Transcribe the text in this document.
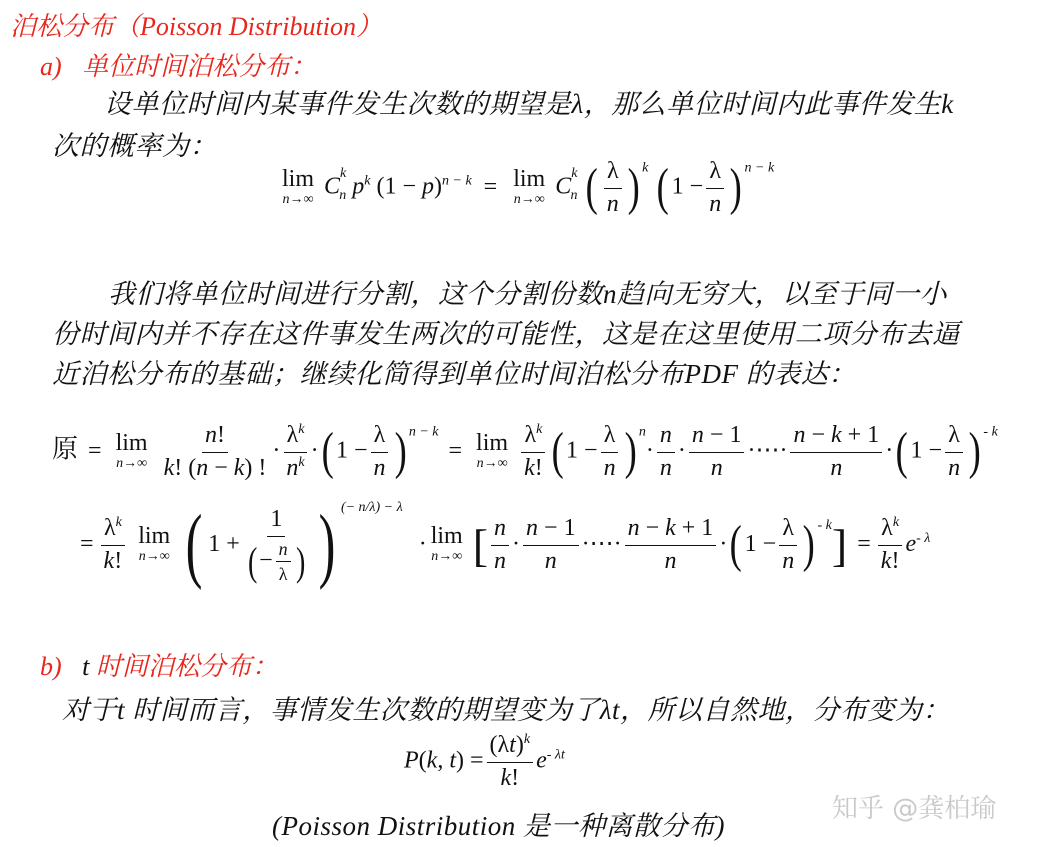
泊松分布（Poisson Distribution）
a) 单位时间泊松分布：
设单位时间内某事件发生次数的期望是λ，那么单位时间内此事件发生k
次的概率为：
lim
n→∞ $C^k_n$ $p^k$ $(1 - p)^{n - k} = \lim$
n→∞ $C^k_n$ ( $\frac{\lambda}{n}$ ) $^k$ ( $1 - \frac{\lambda}{n}$ ) $^{n - k}$
我们将单位时间进行分割，这个分割份数n趋向无穷大，以至于同一小
份时间内并不存在这件事发生两次的可能性，这是在这里使用二项分布去逼
近泊松分布的基础；继续化简得到单位时间泊松分布PDF 的表达：
原 = lim
n→∞
$\frac{n!}{k! (n - k) !} \cdot \frac{\lambda^k}{n^k}$ ·( $1 - \frac{\lambda}{n}$ ) $^{n - k}$ = lim
n→∞
$\frac{\lambda^k}{k!}$ ( $1 - \frac{\lambda}{n}$ ) $^n\cdot \frac{n}{n} \cdot \frac{n - 1}{n}$ ·⋯· $\frac{n - k + 1}{n}$ ·( $1 - \frac{\lambda}{n}$ ) $^{- k}$
= $\frac{\lambda^k}{k!}$
lim
n→∞ ( $1 + \frac{1}{(- \frac{n}{\lambda} )}$ ) $^{(- n/\lambda) - \lambda}$ · lim
n→∞ [ $\frac{n}{n} \cdot \frac{n - 1}{n}$ ·⋯· $\frac{n - k + 1}{n}$ ·( $1 - \frac{\lambda}{n}$ ) $^{- k}] = \frac{\lambda^k}{k!} e^{- \lambda}$
b) t 时间泊松分布：
对于t 时间而言，事情发生次数的期望变为了λt，所以自然地，分布变为：
P(k, $t) = \frac{(\lambda t)^k}{k!} e^{- \lambda t}$
(Poisson Distribution 是一种离散分布)
知乎 @龚柏瑜
